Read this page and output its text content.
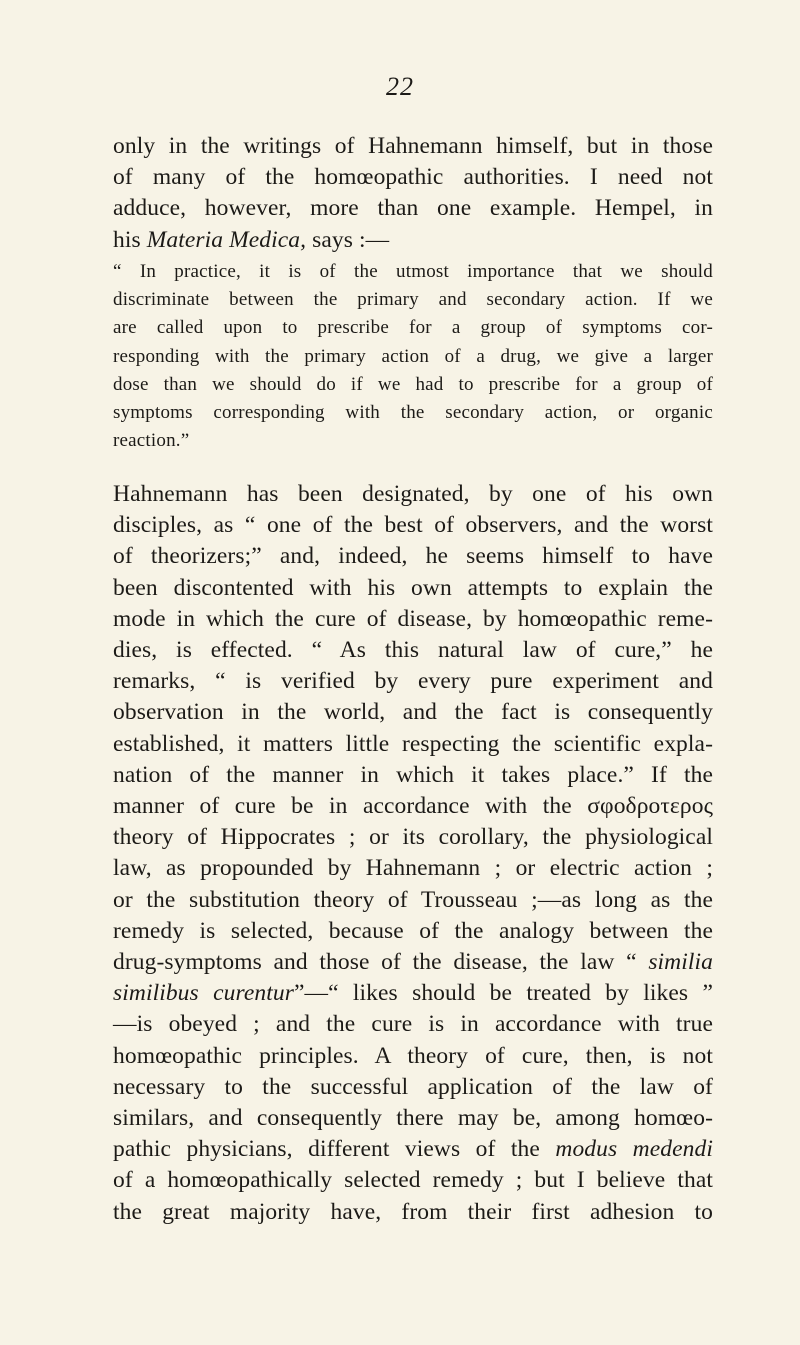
22
only in the writings of Hahnemann himself, but in those
of many of the homœopathic authorities. I need not
adduce, however, more than one example. Hempel, in
his Materia Medica, says :—
“ In practice, it is of the utmost importance that we should
discriminate between the primary and secondary action. If we
are called upon to prescribe for a group of symptoms cor-
responding with the primary action of a drug, we give a larger
dose than we should do if we had to prescribe for a group of
symptoms corresponding with the secondary action, or organic
reaction.”
Hahnemann has been designated, by one of his own
disciples, as “ one of the best of observers, and the worst
of theorizers;” and, indeed, he seems himself to have
been discontented with his own attempts to explain the
mode in which the cure of disease, by homœopathic reme-
dies, is effected. “ As this natural law of cure,” he
remarks, “ is verified by every pure experiment and
observation in the world, and the fact is consequently
established, it matters little respecting the scientific expla-
nation of the manner in which it takes place.” If the
manner of cure be in accordance with the σφοδροτερος
theory of Hippocrates ; or its corollary, the physiological
law, as propounded by Hahnemann ; or electric action ;
or the substitution theory of Trousseau ;—as long as the
remedy is selected, because of the analogy between the
drug-symptoms and those of the disease, the law “ similia
similibus curentur”—“ likes should be treated by likes ”
—is obeyed ; and the cure is in accordance with true
homœopathic principles. A theory of cure, then, is not
necessary to the successful application of the law of
similars, and consequently there may be, among homœo-
pathic physicians, different views of the modus medendi
of a homœopathically selected remedy ; but I believe that
the great majority have, from their first adhesion to
